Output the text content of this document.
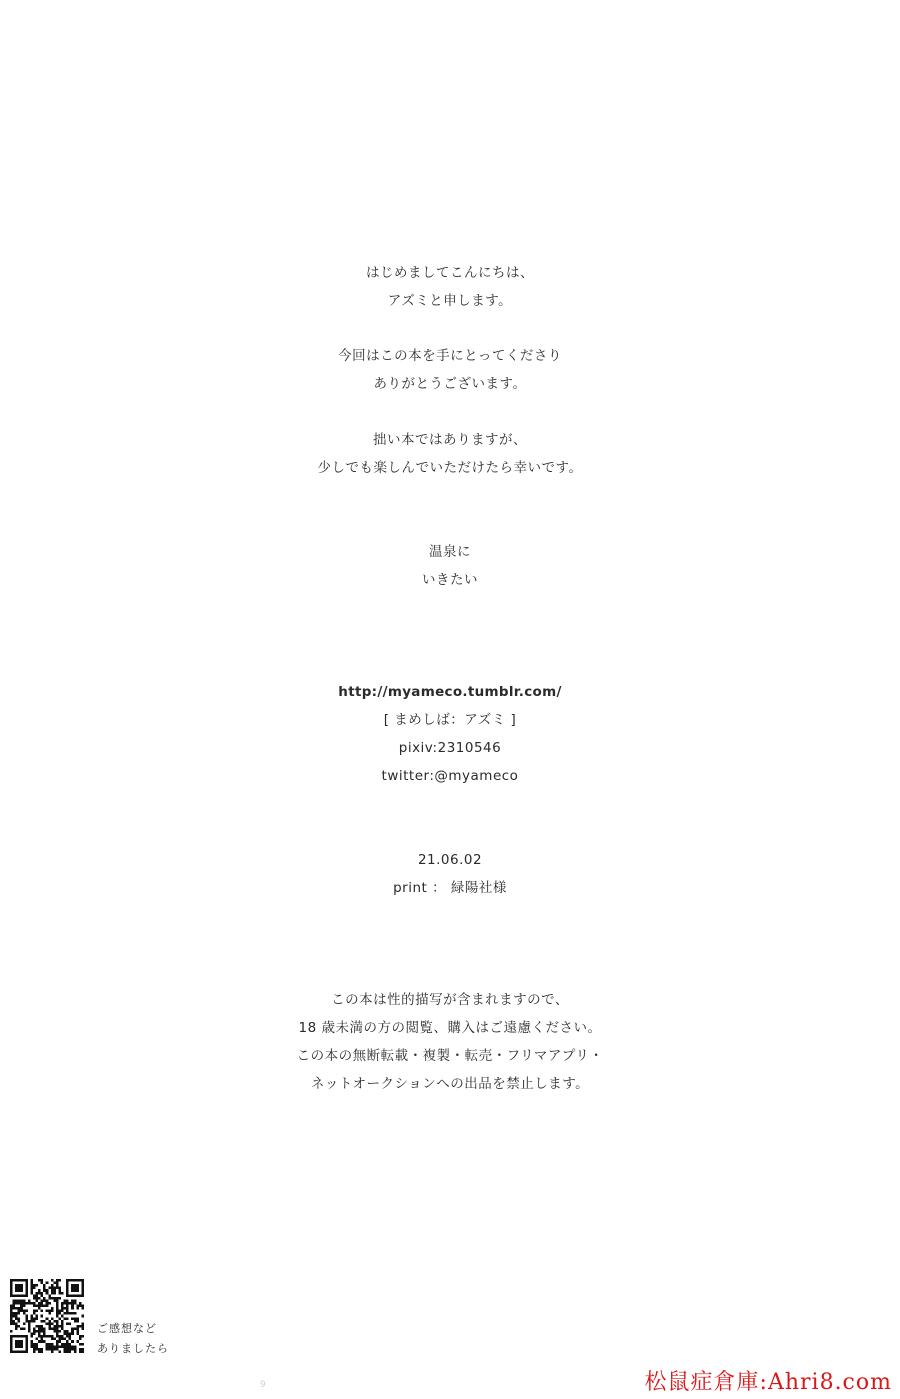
はじめましてこんにちは、
アズミと申します。
今回はこの本を手にとってくださり
ありがとうございます。
拙い本ではありますが、
少しでも楽しんでいただけたら幸いです。
温泉に
いきたい
http://myameco.tumblr.com/
[ まめしば：アズミ ]
pixiv:2310546
twitter:@myameco
21.06.02
print ： 緑陽社様
この本は性的描写が含まれますので、
18 歳未満の方の閲覧、購入はご遠慮ください。
この本の無断転載・複製・転売・フリマアプリ・
ネットオークションへの出品を禁止します。
ご感想など
ありましたら
9	松鼠症倉庫:Ahri8.com
